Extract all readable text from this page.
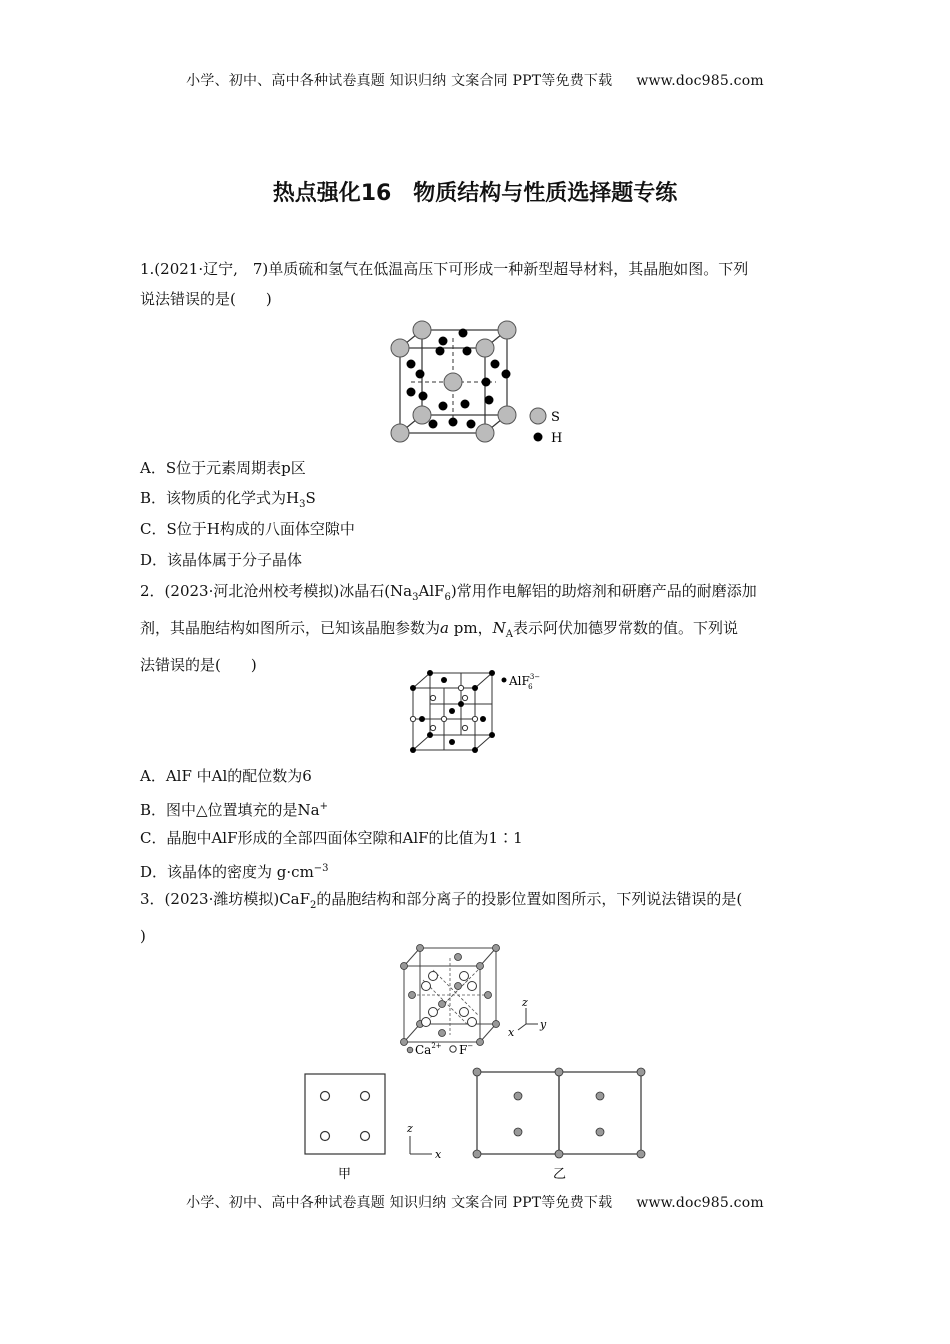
小学、初中、高中各种试卷真题 知识归纳 文案合同 PPT等免费下载 www.doc985.com
热点强化16　物质结构与性质选择题专练
1.(2021·辽宁,　7)单质硫和氢气在低温高压下可形成一种新型超导材料，其晶胞如图。下列
说法错误的是(　　)
S
H
A．S位于元素周期表p区
B．该物质的化学式为$H_3S$
C．S位于H构成的八面体空隙中
D．该晶体属于分子晶体
2．(2023·河北沧州校考模拟)冰晶石$(Na_3AlF_6)$常用作电解铝的助熔剂和研磨产品的耐磨添加
剂，其晶胞结构如图所示，已知该晶胞参数为a pm，$N_A$表示阿伏加德罗常数的值。下列说
法错误的是(　　)
AlF$^{3-}$ 6
A．AlF 中Al的配位数为6
B．图中△位置填充的是Na+
C．晶胞中AlF形成的全部四面体空隙和AlF的比值为1∶1
D．该晶体的密度为 $g\cdot cm^{-3}$
3．(2023·潍坊模拟)CaF$_2$的晶胞结构和部分离子的投影位置如图所示，下列说法错误的是(
)
z
y
x
$Ca^{2+}$ F−
甲
z
x
乙
小学、初中、高中各种试卷真题 知识归纳 文案合同 PPT等免费下载 www.doc985.com
